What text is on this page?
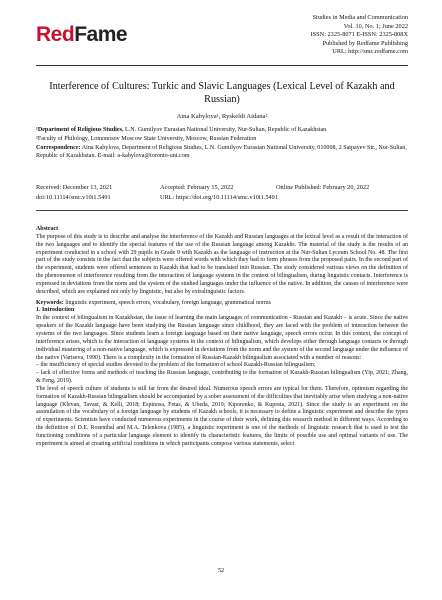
RedFame
Studies in Media and Communication
Vol. 10, No. 1; June 2022
ISSN: 2325-8071 E-ISSN: 2325-808X
Published by Redfame Publishing
URL: http://smc.redfame.com
Interference of Cultures: Turkic and Slavic Languages (Lexical Level of Kazakh and Russian)
Aina Kabylova¹, Ryskeldi Aidana²
¹Department of Religious Studies, L.N. Gumilyov Eurasian National University, Nur-Sultan, Republic of Kazakhstan
²Faculty of Philology, Lomonosov Moscow State University, Moscow, Russian Federation
Correspondence: Aina Kabylova, Department of Religious Studies, L.N. Gumilyov Eurasian National University, 010008, 2 Satpayev Str., Nur-Sultan, Republic of Kazakhstan. E-mail: a-kabylova@toronto-uni.com
Received: December 13, 2021	Accepted: February 15, 2022	Online Published: February 20, 2022
doi:10.11114/smc.v10i1.5491	URL: https://doi.org/10.11114/smc.v10i1.5491

Abstract

The purpose of this study is to describe and analyse the interference of the Kazakh and Russian languages at the lexical level as a result of the interaction of the two languages and to identify the special features of the use of the Russian language among Kazakhs. The material of the study is the results of an experiment conducted in a school with 29 pupils in Grade 9 with Kazakh as the language of instruction at the Nur-Sultan Lyceum School No. 48. The first part of the study consists in the fact that the subjects were offered words with which they had to form phrases from the proposed pairs. In the second part of the experiment, students were offered sentences in Kazakh that had to be translated into Russian. The study considered various views on the definition of the phenomenon of interference resulting from the interaction of language systems in the context of bilingualism, during linguistic contacts. Interference is expressed in deviations from the norm and the system of the studied languages under the influence of the native. In addition, the causes of interference were described, which are explained not only by linguistic, but also by extralinguistic factors.

Keywords: linguistic experiment, speech errors, vocabulary, foreign language, grammatical norms

1. Introduction

In the context of bilingualism in Kazakhstan, the issue of learning the main languages of communication - Russian and Kazakh – is acute. Since the native speakers of the Kazakh language have been studying the Russian language since childhood, they are faced with the problem of interaction between the systems of the two languages. Since students learn a foreign language based on their native language, speech errors occur. In this context, the concept of interference arises, which is the interaction of language systems in the context of bilingualism, which develops either through language contacts or through individual mastering of a non-native language, which is expressed in deviations from the norm and the system of the second language under the influence of the native (Vartseva, 1990). There is a complexity in the formation of Russian-Kazakh bilingualism associated with a number of reasons:

– the insufficiency of special studies devoted to the problem of the formation of school Kazakh-Russian bilingualism;

– lack of effective forms and methods of teaching the Russian language, contributing to the formation of Kazakh-Russian bilingualism (Yip, 2021; Zhang, & Feng, 2019).

The level of speech culture of students is still far from the desired ideal. Numerous speech errors are typical for them. Therefore, optimism regarding the formation of Kazakh-Russian bilingualism should be accompanied by a sober assessment of the difficulties that inevitably arise when studying a non-native language (Klevan, Tavast, & Kelli, 2018; Espinosa, Fetas, & Ubeda, 2019; Kiporenko, & Kuprata, 2021). Since the study is an experiment on the assimilation of the vocabulary of a foreign language by students of Kazakh schools, it is necessary to define a linguistic experiment and describe the types of experiments. Scientists have conducted numerous experiments in the course of their work, defining this research method in different ways. According to the definition of D.E. Rosenthal and M.A. Telenkova (1985), a linguistic experiment is one of the methods of linguistic research that is used to test the functioning conditions of a particular language element to identify its characteristic features, the limits of possible use and optimal variants of use. The experiment is aimed at creating artificial conditions in which participants compose various statements, select

52
